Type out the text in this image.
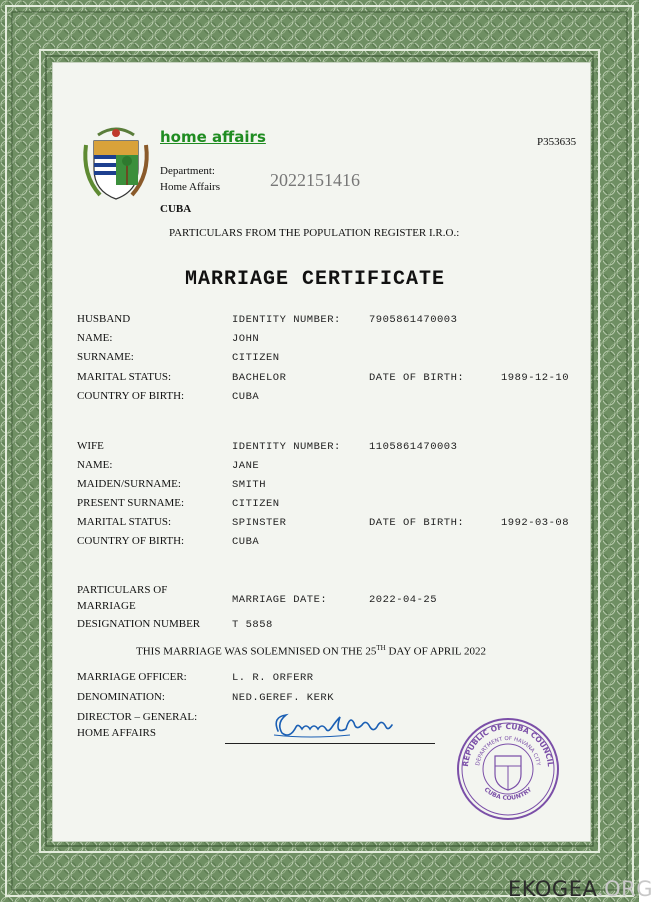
home affairs	P353635
Department:
Home Affairs	2022151416
CUBA
PARTICULARS FROM THE POPULATION REGISTER I.R.O.:
MARRIAGE CERTIFICATE
HUSBAND	IDENTITY NUMBER:	7905861470003
NAME:	JOHN
SURNAME:	CITIZEN
MARITAL STATUS:	BACHELOR	DATE OF BIRTH:	1989-12-10
COUNTRY OF BIRTH:	CUBA
WIFE	IDENTITY NUMBER:	1105861470003
NAME:	JANE
MAIDEN/SURNAME:	SMITH
PRESENT SURNAME:	CITIZEN
MARITAL STATUS:	SPINSTER	DATE OF BIRTH:	1992-03-08
COUNTRY OF BIRTH:	CUBA
PARTICULARS OF
MARRIAGE	MARRIAGE DATE:	2022-04-25
DESIGNATION NUMBER	T 5858
THIS MARRIAGE WAS SOLEMNISED ON THE 25TH DAY OF APRIL 2022
MARRIAGE OFFICER:	L. R. ORFERR
DENOMINATION:	NED.GEREF. KERK
DIRECTOR – GENERAL:
HOME AFFAIRS
REPUBLIC OF CUBA COUNCIL
DEPARTMENT OF HAVANA CITY
CUBA COUNTRY
EKOGEA.ORG
